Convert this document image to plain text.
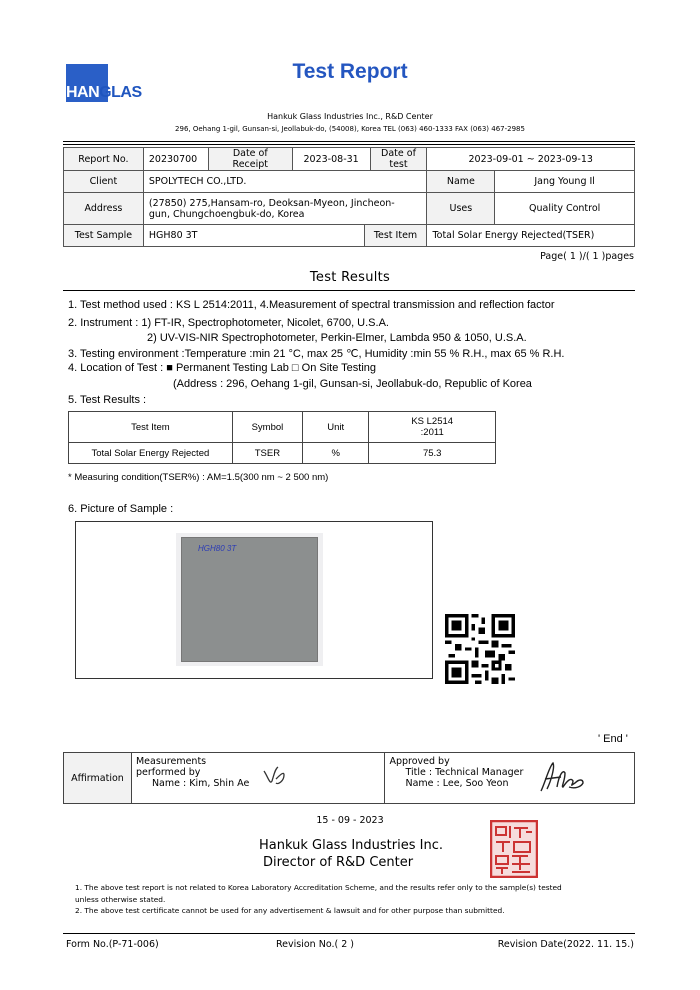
HANGLAS
Test Report
Hankuk Glass Industries Inc., R&D Center
296, Oehang 1-gil, Gunsan-si, Jeollabuk-do, (54008), Korea TEL (063) 460-1333 FAX (063) 467-2985
Report No.	20230700	Date of Receipt	2023-08-31		Date of test	2023-09-01 ~ 2023-09-13	
Client	SPOLYTECH CO.,LTD.					Name	Jang Young Il
Address	(27850) 275,Hansam-ro, Deoksan-Myeon, Jincheon-
gun, Chungchoengbuk-do, Korea					Uses	Quality Control
Test Sample	HGH80 3T			Test Item		Total Solar Energy Rejected(TSER)	
Page( 1 )/( 1 )pages
Test Results
1. Test method used : KS L 2514:2011, 4.Measurement of spectral transmission and reflection factor
2. Instrument : 1) FT-IR, Spectrophotometer, Nicolet, 6700, U.S.A.
2) UV-VIS-NIR Spectrophotometer, Perkin-Elmer, Lambda 950 & 1050, U.S.A.
3. Testing environment :Temperature :min 21 °C, max 25 ℃, Humidity :min 55 % R.H., max 65 % R.H.
4. Location of Test : ■ Permanent Testing Lab □ On Site Testing
(Address : 296, Oehang 1-gil, Gunsan-si, Jeollabuk-do, Republic of Korea
5. Test Results :
Test Item	Symbol	Unit	KS L2514
:2011

Total Solar Energy Rejected	TSER	%	75.3
* Measuring condition(TSER%) : AM=1.5(300 nm ~ 2 500 nm)
6. Picture of Sample :
HGH80 3T
' End '
Affirmation	
Measurements
performed by
Name : Kim, Shin Ae

Approved by
Title : Technical Manager
Name : Lee, Soo Yeon
15 - 09 - 2023
Hankuk Glass Industries Inc.
Director of R&D Center
1. The above test report is not related to Korea Laboratory Accreditation Scheme, and the results refer only to the sample(s) tested
unless otherwise stated.
2. The above test certificate cannot be used for any advertisement & lawsuit and for other purpose than submitted.
Form No.(P-71-006)	Revision No.( 2 )	Revision Date(2022. 11. 15.)
